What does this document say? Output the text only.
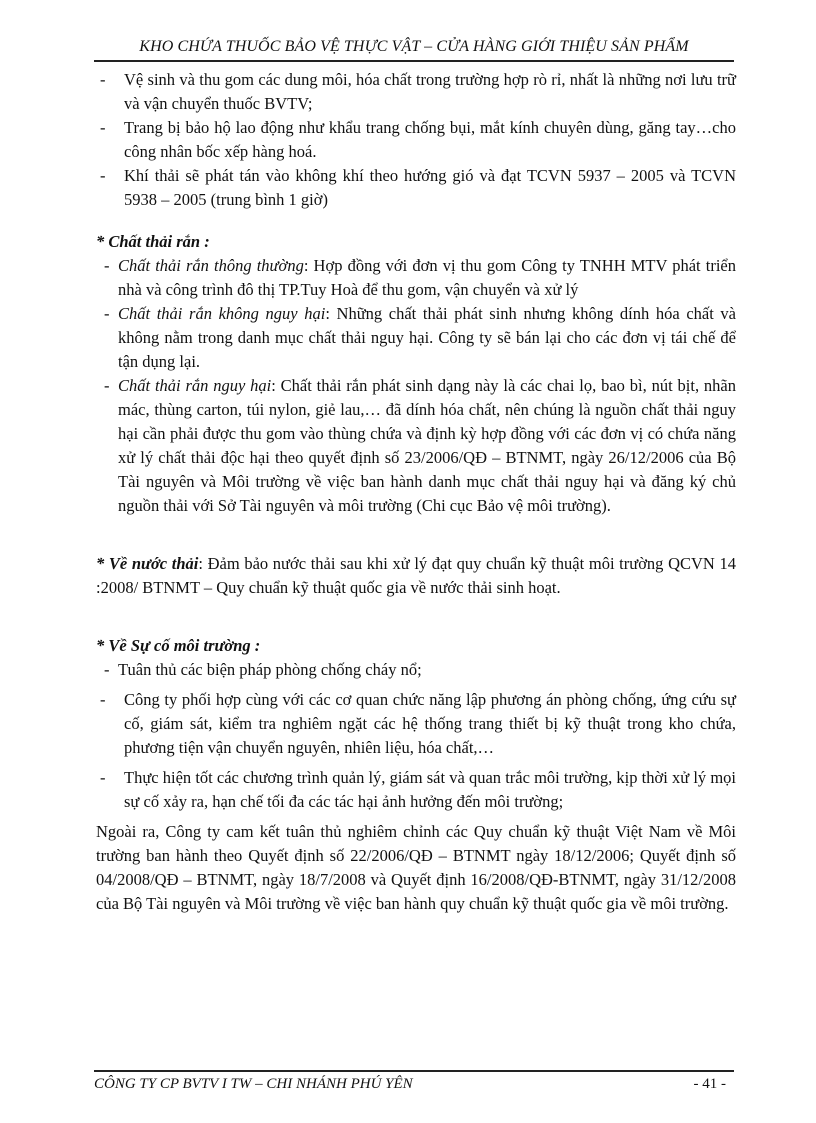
KHO CHỨA THUỐC BẢO VỆ THỰC VẬT – CỬA HÀNG GIỚI THIỆU SẢN PHẨM
- Vệ sinh và thu gom các dung môi, hóa chất trong trường hợp rò rỉ, nhất là những nơi lưu trữ và vận chuyển thuốc BVTV;
- Trang bị bảo hộ lao động như khẩu trang chống bụi, mắt kính chuyên dùng, găng tay…cho công nhân bốc xếp hàng hoá.
- Khí thải sẽ phát tán vào không khí theo hướng gió và đạt TCVN 5937 – 2005 và TCVN 5938 – 2005 (trung bình 1 giờ)
* Chất thải rắn :
- Chất thải rắn thông thường: Hợp đồng với đơn vị thu gom Công ty TNHH MTV phát triển nhà và công trình đô thị TP.Tuy Hoà để thu gom, vận chuyển và xử lý
- Chất thải rắn không nguy hại: Những chất thải phát sinh nhưng không dính hóa chất và không nằm trong danh mục chất thải nguy hại. Công ty sẽ bán lại cho các đơn vị tái chế để tận dụng lại.
- Chất thải rắn nguy hại: Chất thải rắn phát sinh dạng này là các chai lọ, bao bì, nút bịt, nhãn mác, thùng carton, túi nylon, giẻ lau,… đã dính hóa chất, nên chúng là nguồn chất thải nguy hại cần phải được thu gom vào thùng chứa và định kỳ hợp đồng với các đơn vị có chứa năng xử lý chất thải độc hại theo quyết định số 23/2006/QĐ – BTNMT, ngày 26/12/2006 của Bộ Tài nguyên và Môi trường về việc ban hành danh mục chất thải nguy hại và đăng ký chủ nguồn thải với Sở Tài nguyên và môi trường (Chi cục Bảo vệ môi trường).
* Về nước thải: Đảm bảo nước thải sau khi xử lý đạt quy chuẩn kỹ thuật môi trường QCVN 14 :2008/ BTNMT – Quy chuẩn kỹ thuật quốc gia về nước thải sinh hoạt.
* Về Sự cố môi trường :
- Tuân thủ các biện pháp phòng chống cháy nổ;
- Công ty phối hợp cùng với các cơ quan chức năng lập phương án phòng chống, ứng cứu sự cố, giám sát, kiểm tra nghiêm ngặt các hệ thống trang thiết bị kỹ thuật trong kho chứa, phương tiện vận chuyển nguyên, nhiên liệu, hóa chất,…
- Thực hiện tốt các chương trình quản lý, giám sát và quan trắc môi trường, kịp thời xử lý mọi sự cố xảy ra, hạn chế tối đa các tác hại ảnh hưởng đến môi trường;
Ngoài ra, Công ty cam kết tuân thủ nghiêm chỉnh các Quy chuẩn kỹ thuật Việt Nam về Môi trường ban hành theo Quyết định số 22/2006/QĐ – BTNMT ngày 18/12/2006; Quyết định số 04/2008/QĐ – BTNMT, ngày 18/7/2008 và Quyết định 16/2008/QĐ-BTNMT, ngày 31/12/2008 của Bộ Tài nguyên và Môi trường về việc ban hành quy chuẩn kỹ thuật quốc gia về môi trường.
CÔNG TY CP BVTV I TW – CHI NHÁNH PHÚ YÊN	- 41 -
